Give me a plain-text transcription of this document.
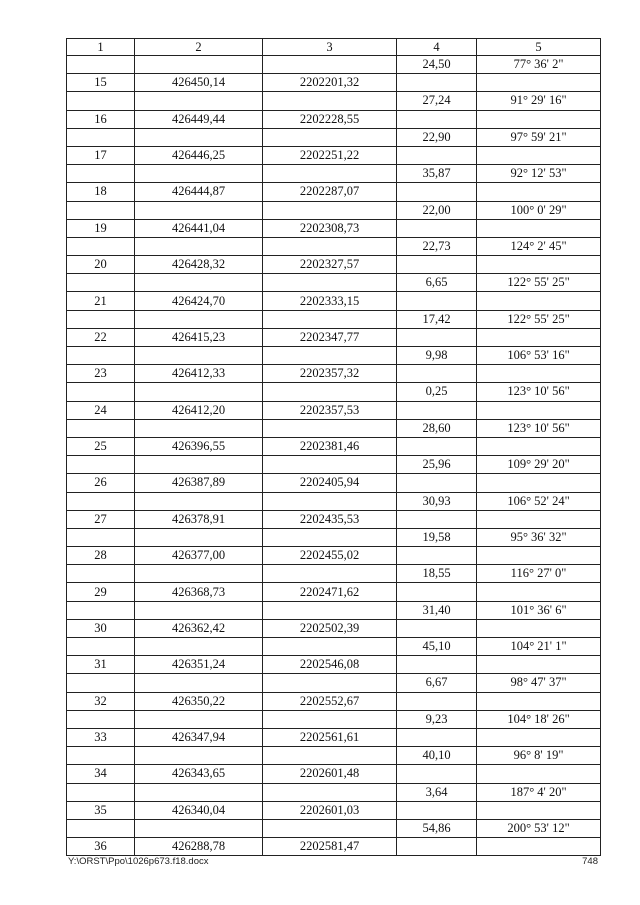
1	2	3	4	5
			24,50	77° 36' 2"
15	426450,14	2202201,32		
			27,24	91° 29' 16"
16	426449,44	2202228,55		
			22,90	97° 59' 21"
17	426446,25	2202251,22		
			35,87	92° 12' 53"
18	426444,87	2202287,07		
			22,00	100° 0' 29"
19	426441,04	2202308,73		
			22,73	124° 2' 45"
20	426428,32	2202327,57		
			6,65	122° 55' 25"
21	426424,70	2202333,15		
			17,42	122° 55' 25"
22	426415,23	2202347,77		
			9,98	106° 53' 16"
23	426412,33	2202357,32		
			0,25	123° 10' 56"
24	426412,20	2202357,53		
			28,60	123° 10' 56"
25	426396,55	2202381,46		
			25,96	109° 29' 20"
26	426387,89	2202405,94		
			30,93	106° 52' 24"
27	426378,91	2202435,53		
			19,58	95° 36' 32"
28	426377,00	2202455,02		
			18,55	116° 27' 0"
29	426368,73	2202471,62		
			31,40	101° 36' 6"
30	426362,42	2202502,39		
			45,10	104° 21' 1"
31	426351,24	2202546,08		
			6,67	98° 47' 37"
32	426350,22	2202552,67		
			9,23	104° 18' 26"
33	426347,94	2202561,61		
			40,10	96° 8' 19"
34	426343,65	2202601,48		
			3,64	187° 4' 20"
35	426340,04	2202601,03		
			54,86	200° 53' 12"
36	426288,78	2202581,47		
Y:\ORST\Ppo\1026p673.f18.docx	748
